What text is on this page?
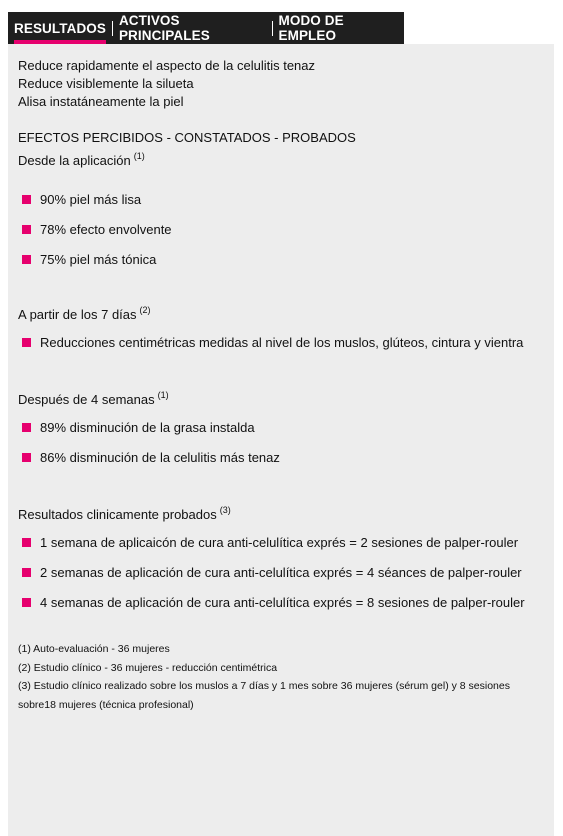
RESULTADOS ACTIVOS PRINCIPALES
MODO DE EMPLEO

Reduce rapidamente el aspecto de la celulitis tenaz

Reduce visiblemente la silueta

Alisa instatáneamente la piel

EFECTOS PERCIBIDOS - CONSTATADOS - PROBADOS

Desde la aplicación $^{(1)}$

90% piel más lisa
78% efecto envolvente
75% piel más tónica

A partir de los 7 días $^{(2)}$

Reducciones centimétricas medidas al nivel de los muslos, glúteos, cintura y vientra

Después de 4 semanas $^{(1)}$

89% disminución de la grasa instalda
86% disminución de la celulitis más tenaz

Resultados clinicamente probados $^{(3)}$

1 semana de aplicaicón de cura anti-celulítica exprés = 2 sesiones de palper-rouler
2 semanas de aplicación de cura anti-celulítica exprés = 4 séances de palper-rouler
4 semanas de aplicación de cura anti-celulítica exprés = 8 sesiones de palper-rouler

(1) Auto-evaluación - 36 mujeres

(2) Estudio clínico - 36 mujeres - reducción centimétrica

(3) Estudio clínico realizado sobre los muslos a 7 días y 1 mes sobre 36 mujeres (sérum gel) y 8 sesiones sobre18 mujeres (técnica profesional)
